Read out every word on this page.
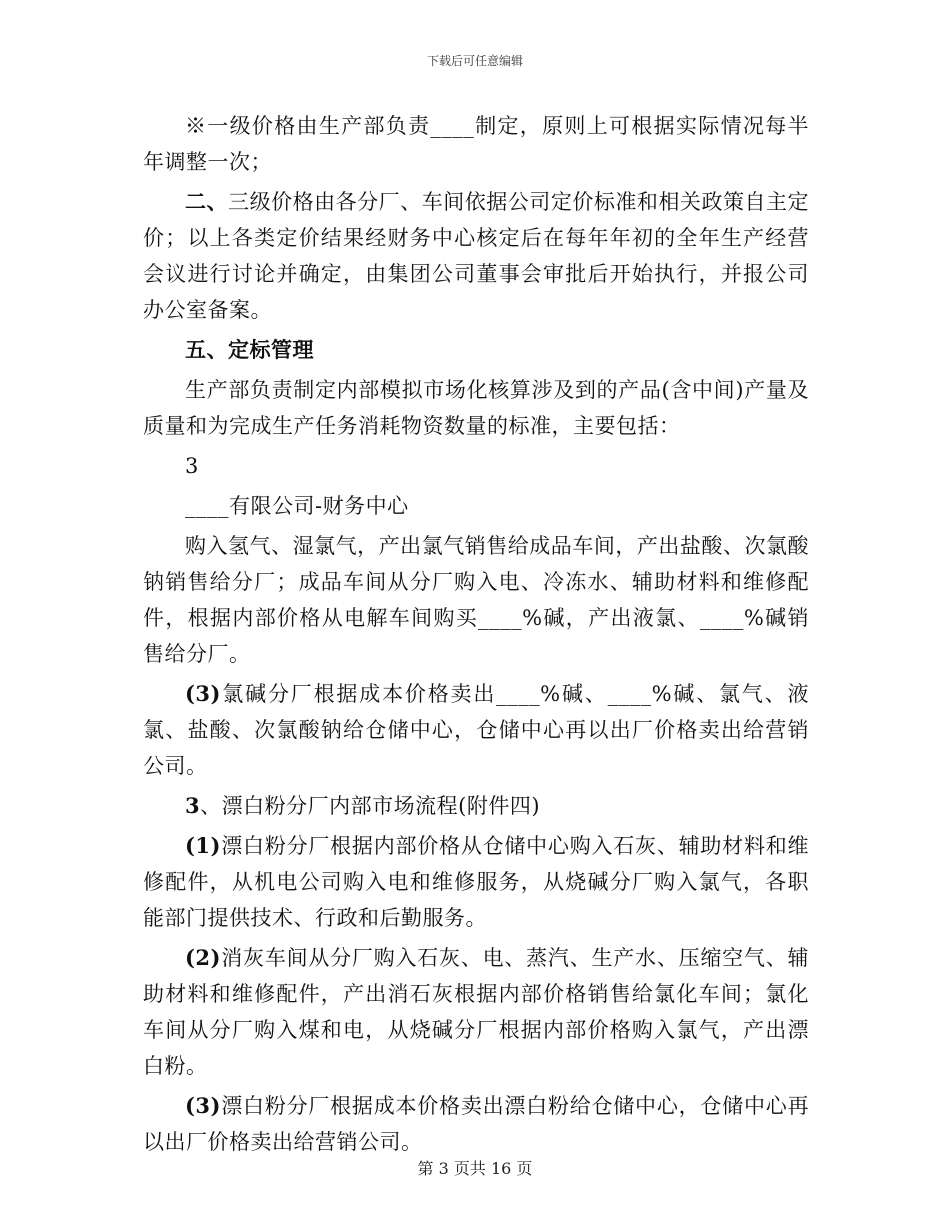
下载后可任意编辑

※一级价格由生产部负责____制定，原则上可根据实际情况每半年调整一次；

二、三级价格由各分厂、车间依据公司定价标准和相关政策自主定价；以上各类定价结果经财务中心核定后在每年年初的全年生产经营会议进行讨论并确定，由集团公司董事会审批后开始执行，并报公司办公室备案。

五、定标管理

生产部负责制定内部模拟市场化核算涉及到的产品(含中间)产量及质量和为完成生产任务消耗物资数量的标准，主要包括：

3

____有限公司-财务中心

购入氢气、湿氯气，产出氯气销售给成品车间，产出盐酸、次氯酸钠销售给分厂；成品车间从分厂购入电、冷冻水、辅助材料和维修配件，根据内部价格从电解车间购买____%碱，产出液氯、____%碱销售给分厂。

(3)氯碱分厂根据成本价格卖出____%碱、____%碱、氯气、液氯、盐酸、次氯酸钠给仓储中心，仓储中心再以出厂价格卖出给营销公司。

3、漂白粉分厂内部市场流程(附件四)

(1)漂白粉分厂根据内部价格从仓储中心购入石灰、辅助材料和维修配件，从机电公司购入电和维修服务，从烧碱分厂购入氯气，各职能部门提供技术、行政和后勤服务。

(2)消灰车间从分厂购入石灰、电、蒸汽、生产水、压缩空气、辅助材料和维修配件，产出消石灰根据内部价格销售给氯化车间；氯化车间从分厂购入煤和电，从烧碱分厂根据内部价格购入氯气，产出漂白粉。

(3)漂白粉分厂根据成本价格卖出漂白粉给仓储中心，仓储中心再以出厂价格卖出给营销公司。

第 3 页共 16 页
